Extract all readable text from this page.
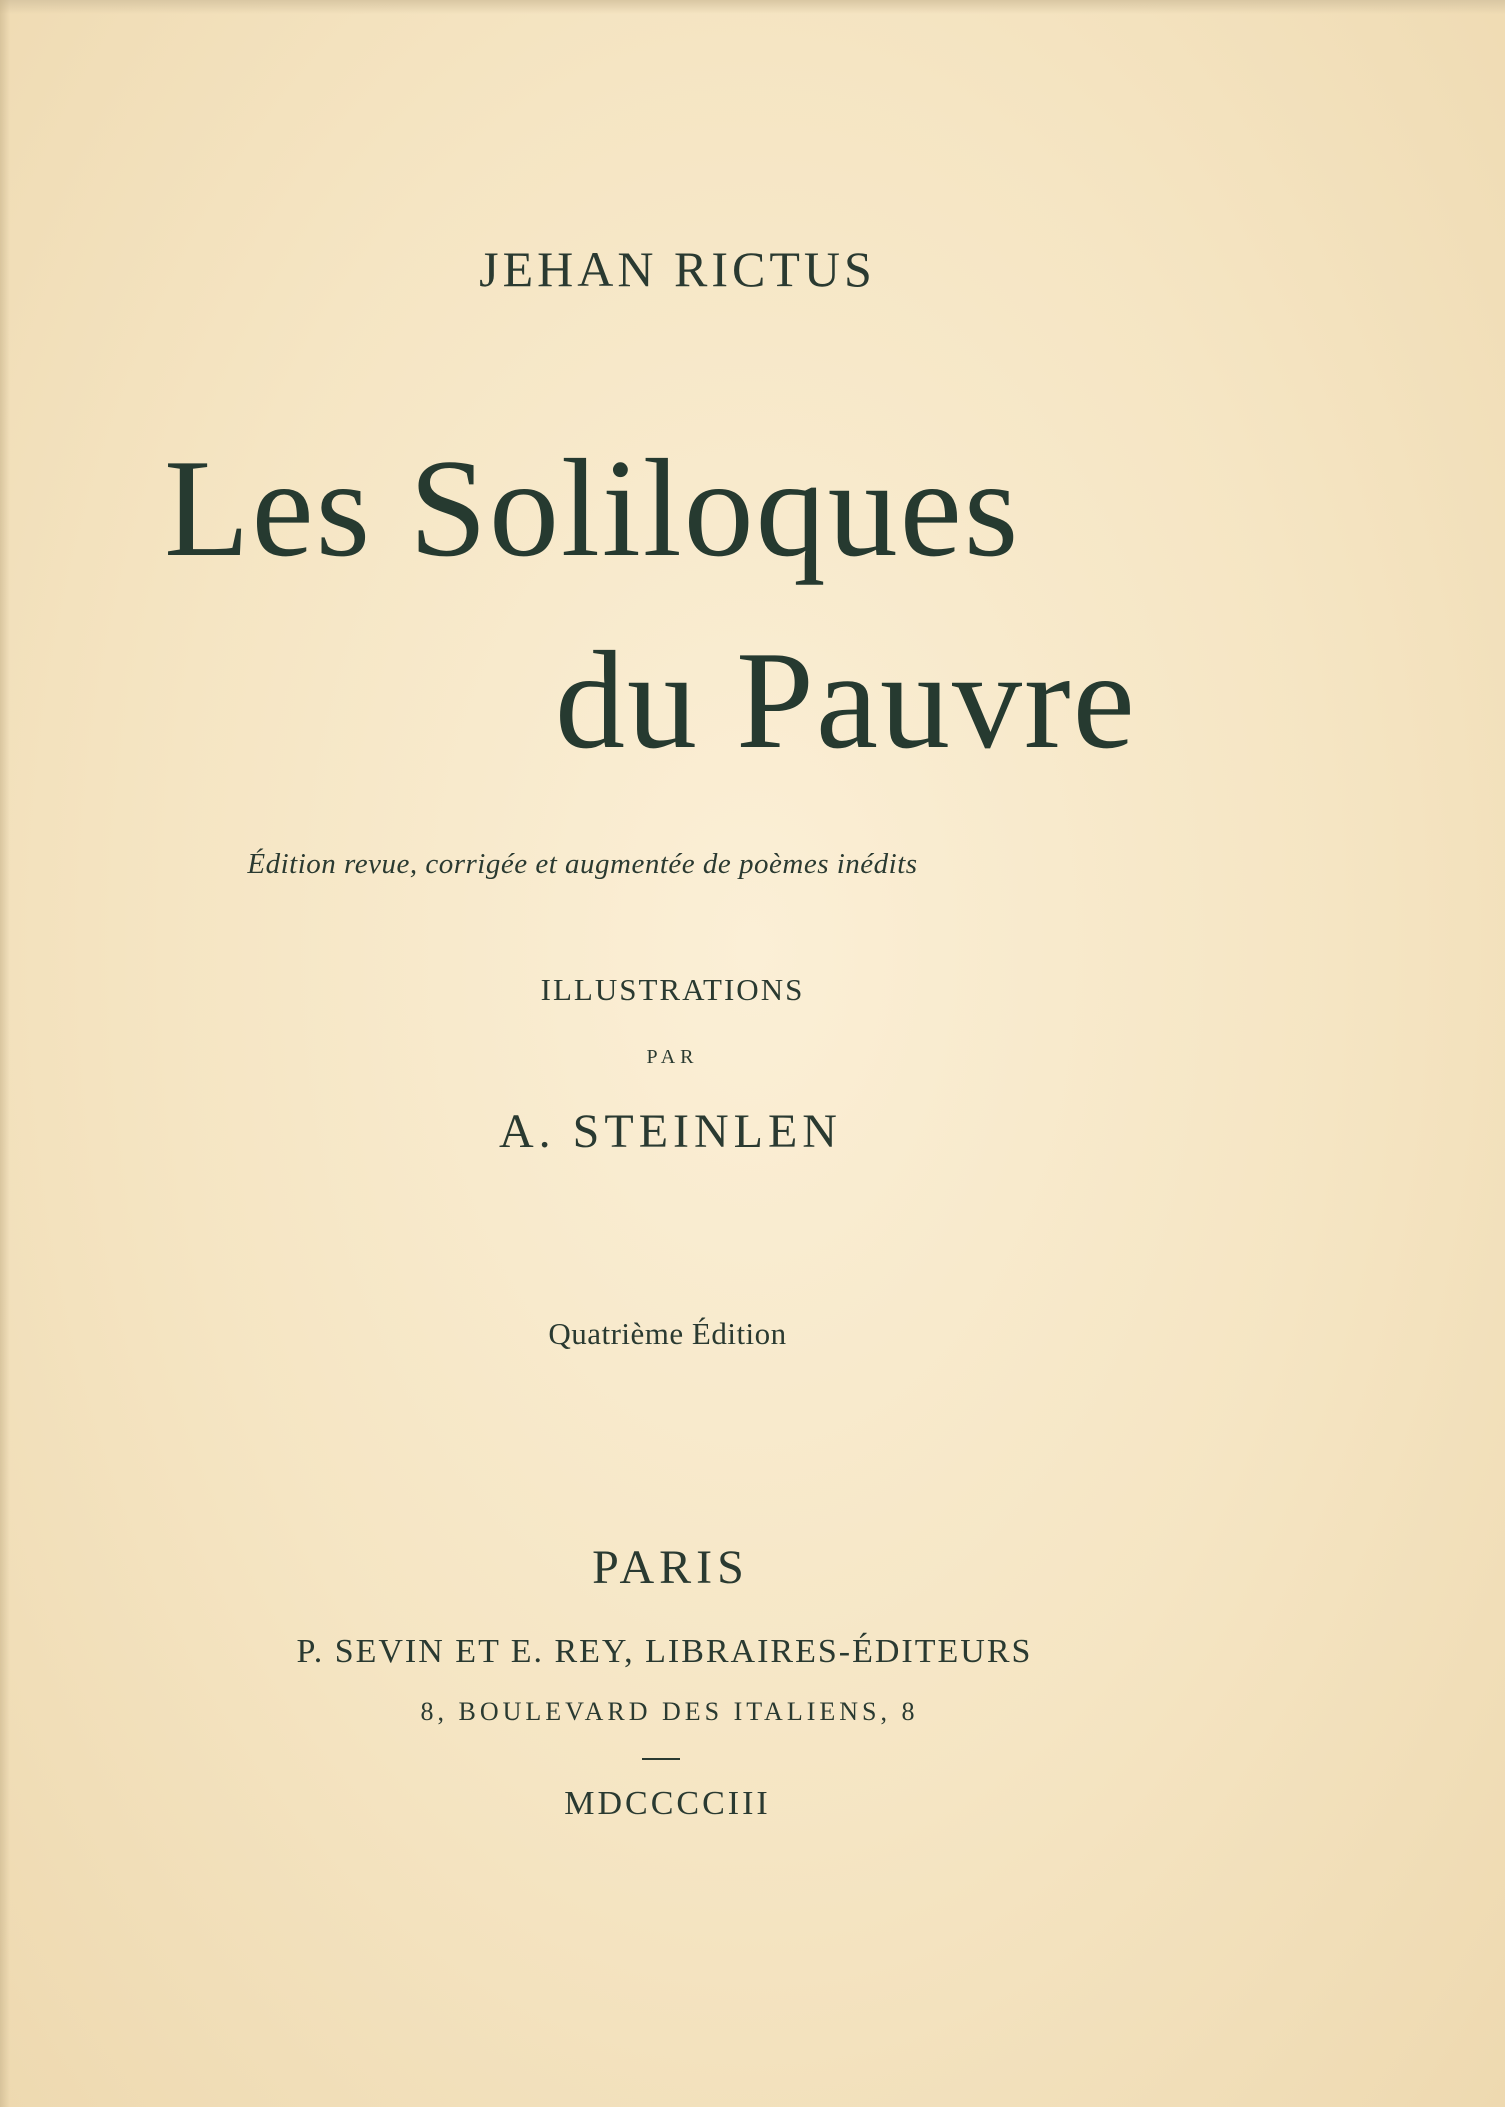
JEHAN RICTUS

Les Soliloques

du Pauvre

Édition revue, corrigée et augmentée de poèmes inédits

ILLUSTRATIONS

PAR

A. STEINLEN

Quatrième Édition

PARIS

P. SEVIN ET E. REY, LIBRAIRES-ÉDITEURS

8, BOULEVARD DES ITALIENS, 8

MDCCCCIII
